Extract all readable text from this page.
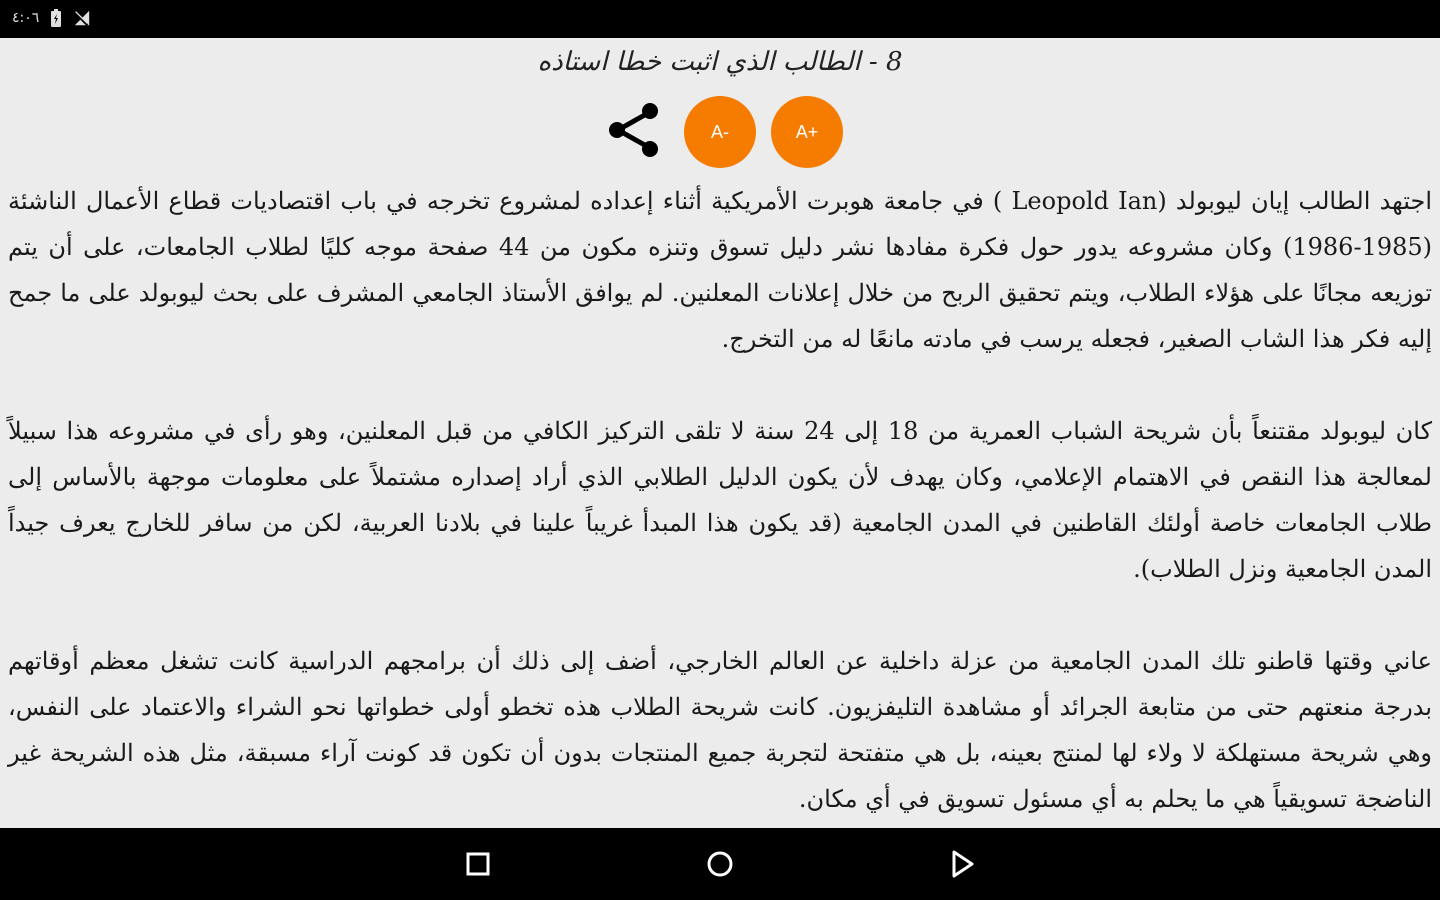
٤:٠٦
8 - الطالب الذي اثبت خطا استاذه
A-	A+

اجتهد الطالب إيان ليوبولد (Leopold Ian ) في جامعة هوبرت الأمريكية أثناء إعداده لمشروع تخرجه في باب اقتصاديات قطاع الأعمال الناشئة (1985-1986) وكان مشروعه يدور حول فكرة مفادها نشر دليل تسوق وتنزه مكون من 44 صفحة موجه كليًا لطلاب الجامعات، على أن يتم توزيعه مجانًا على هؤلاء الطلاب، ويتم تحقيق الربح من خلال إعلانات المعلنين. لم يوافق الأستاذ الجامعي المشرف على بحث ليوبولد على ما جمح إليه فكر هذا الشاب الصغير، فجعله يرسب في مادته مانعًا له من التخرج.

كان ليوبولد مقتنعاً بأن شريحة الشباب العمرية من 18 إلى 24 سنة لا تلقى التركيز الكافي من قبل المعلنين، وهو رأى في مشروعه هذا سبيلاً لمعالجة هذا النقص في الاهتمام الإعلامي، وكان يهدف لأن يكون الدليل الطلابي الذي أراد إصداره مشتملاً على معلومات موجهة بالأساس إلى طلاب الجامعات خاصة أولئك القاطنين في المدن الجامعية (قد يكون هذا المبدأ غريباً علينا في بلادنا العربية، لكن من سافر للخارج يعرف جيداً المدن الجامعية ونزل الطلاب).

عاني وقتها قاطنو تلك المدن الجامعية من عزلة داخلية عن العالم الخارجي، أضف إلى ذلك أن برامجهم الدراسية كانت تشغل معظم أوقاتهم بدرجة منعتهم حتى من متابعة الجرائد أو مشاهدة التليفزيون. كانت شريحة الطلاب هذه تخطو أولى خطواتها نحو الشراء والاعتماد على النفس، وهي شريحة مستهلكة لا ولاء لها لمنتج بعينه، بل هي متفتحة لتجربة جميع المنتجات بدون أن تكون قد كونت آراء مسبقة، مثل هذه الشريحة غير الناضجة تسويقياً هي ما يحلم به أي مسئول تسويق في أي مكان.
